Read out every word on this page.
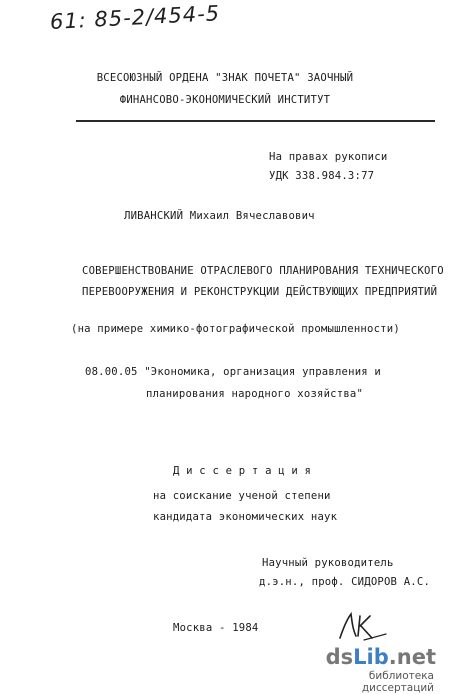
61: 85-2/454-5
ВСЕСОЮЗНЫЙ ОРДЕНА "ЗНАК ПОЧЕТА" ЗАОЧНЫЙ
ФИНАНСОВО-ЭКОНОМИЧЕСКИЙ ИНСТИТУТ
На правах рукописи
УДК 338.984.3:77
ЛИВАНСКИЙ Михаил Вячеславович
СОВЕРШЕНСТВОВАНИЕ ОТРАСЛЕВОГО ПЛАНИРОВАНИЯ ТЕХНИЧЕСКОГО
ПЕРЕВООРУЖЕНИЯ И РЕКОНСТРУКЦИИ ДЕЙСТВУЮЩИХ ПРЕДПРИЯТИЙ
(на примере химико-фотографической промышленности)
08.00.05 "Экономика, организация управления и
планирования народного хозяйства"
Д и с с е р т а ц и я
на соискание ученой степени
кандидата экономических наук
Научный руководитель
д.э.н., проф. СИДОРОВ А.С.
Москва - 1984
dsLib.net
библиотека диссертаций
